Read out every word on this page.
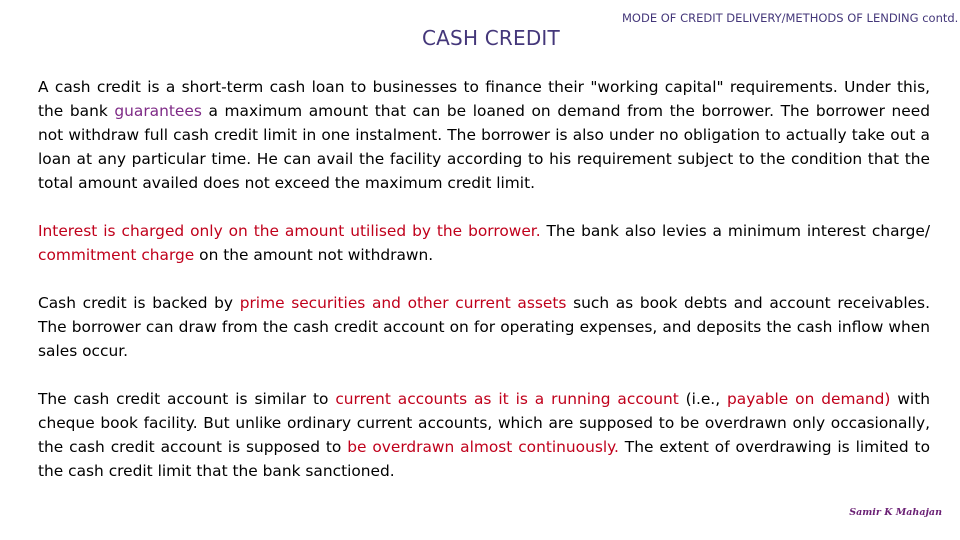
CASH CREDIT
MODE OF CREDIT DELIVERY/METHODS OF LENDING contd.

A cash credit is a short-term cash loan to businesses to finance their "working capital" requirements. Under this, the bank guarantees a maximum amount that can be loaned on demand from the borrower. The borrower need not withdraw full cash credit limit in one instalment. The borrower is also under no obligation to actually take out a loan at any particular time. He can avail the facility according to his requirement subject to the condition that the total amount availed does not exceed the maximum credit limit.

Interest is charged only on the amount utilised by the borrower. The bank also levies a minimum interest charge/ commitment charge on the amount not withdrawn.

Cash credit is backed by prime securities and other current assets such as book debts and account receivables. The borrower can draw from the cash credit account on for operating expenses, and deposits the cash inflow when sales occur.

The cash credit account is similar to current accounts as it is a running account (i.e., payable on demand) with cheque book facility. But unlike ordinary current accounts, which are supposed to be overdrawn only occasionally, the cash credit account is supposed to be overdrawn almost continuously. The extent of overdrawing is limited to the cash credit limit that the bank sanctioned.

Samir K Mahajan
